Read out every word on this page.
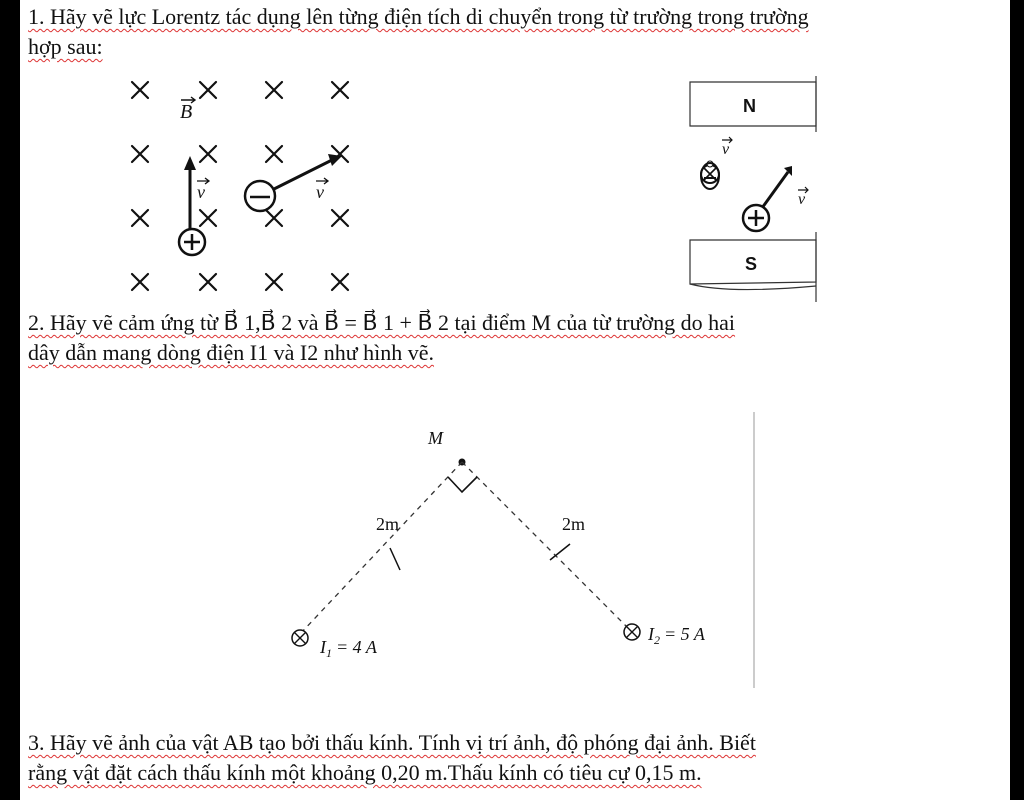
1. Hãy vẽ lực Lorentz tác dụng lên từng điện tích di chuyển trong từ trường trong trường
hợp sau:
B
v	v
N
S
v
v
2. Hãy vẽ cảm ứng từ B⃗ 1,B⃗ 2 và B⃗ = B⃗ 1 + B⃗ 2 tại điểm M của từ trường do hai
dây dẫn mang dòng điện I1 và I2 như hình vẽ.
M
2m	2m
$I_1 = 4$ A
$I_2 = 5$ A
3. Hãy vẽ ảnh của vật AB tạo bởi thấu kính. Tính vị trí ảnh, độ phóng đại ảnh. Biết
rằng vật đặt cách thấu kính một khoảng 0,20 m.Thấu kính có tiêu cự 0,15 m.
